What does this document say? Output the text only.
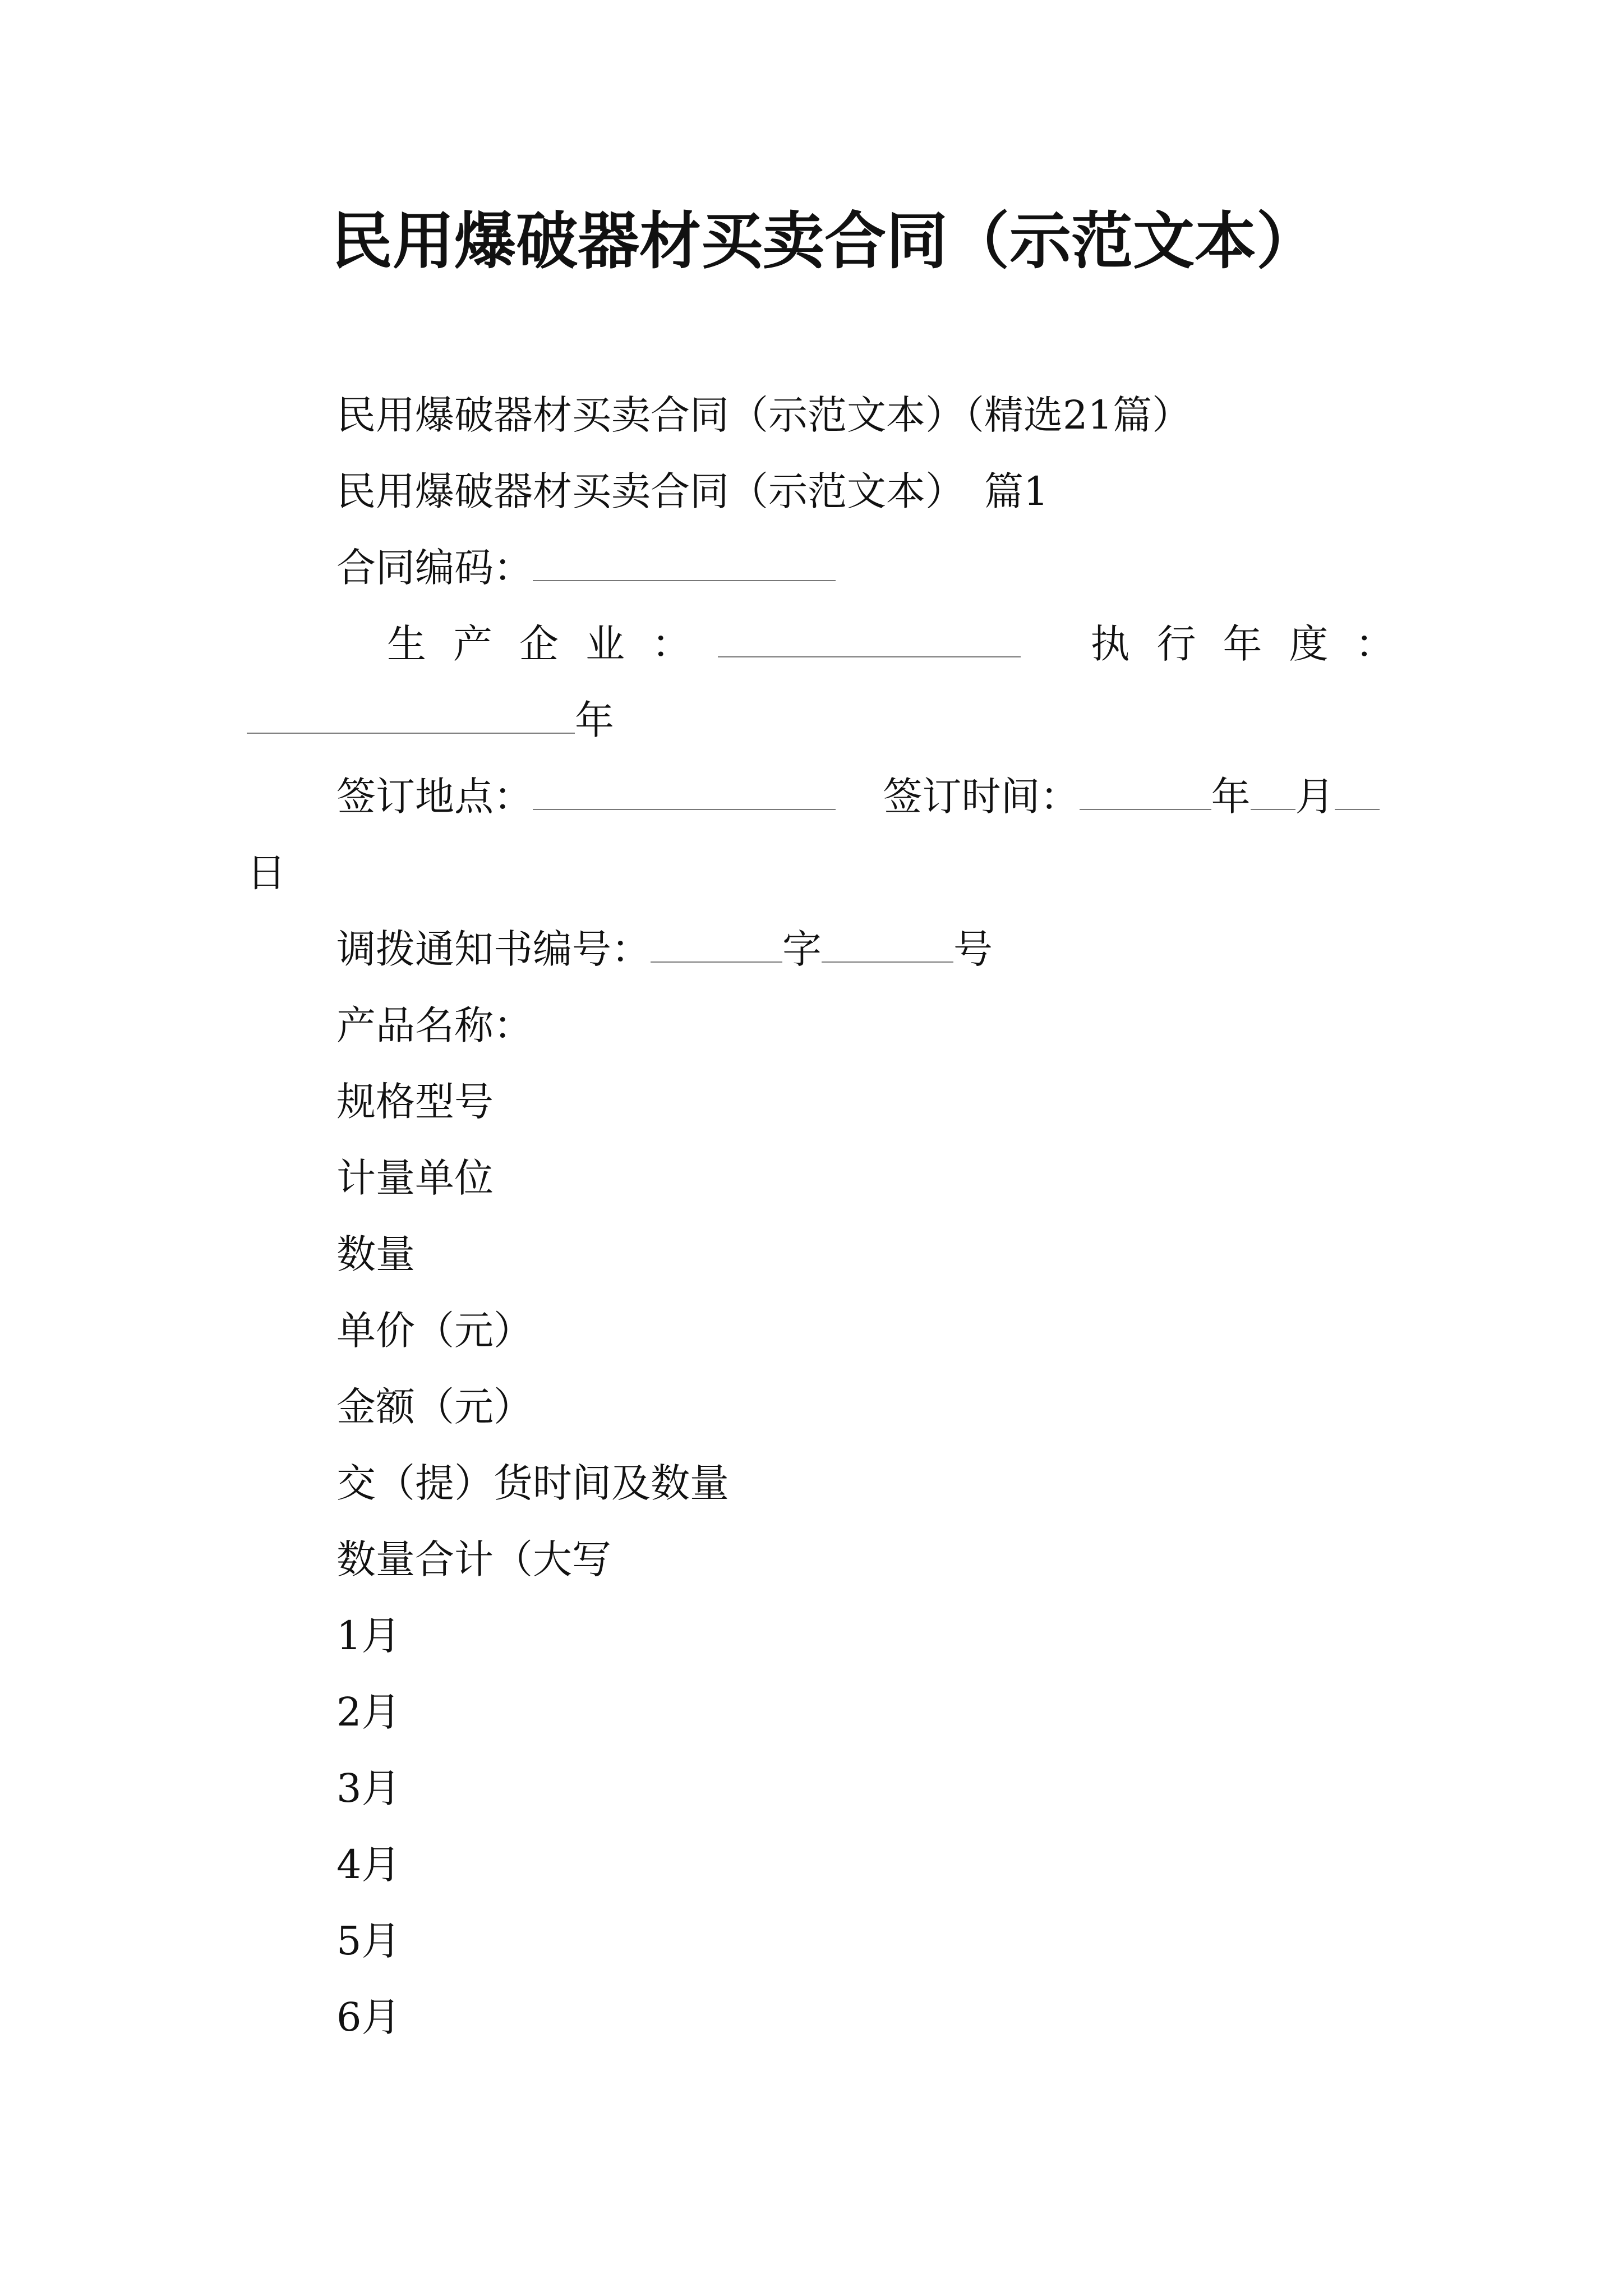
民用爆破器材买卖合同（示范文本）
民用爆破器材买卖合同（示范文本）（精选21篇）
民用爆破器材买卖合同（示范文本）　篇1
合同编码：
生产企业：	执行年度：
年
签订地点：	签订时间：	年 月
日
调拨通知书编号：	字	号
产品名称：
规格型号
计量单位
数量
单价（元）
金额（元）
交（提）货时间及数量
数量合计（大写
1月
2月
3月
4月
5月
6月
